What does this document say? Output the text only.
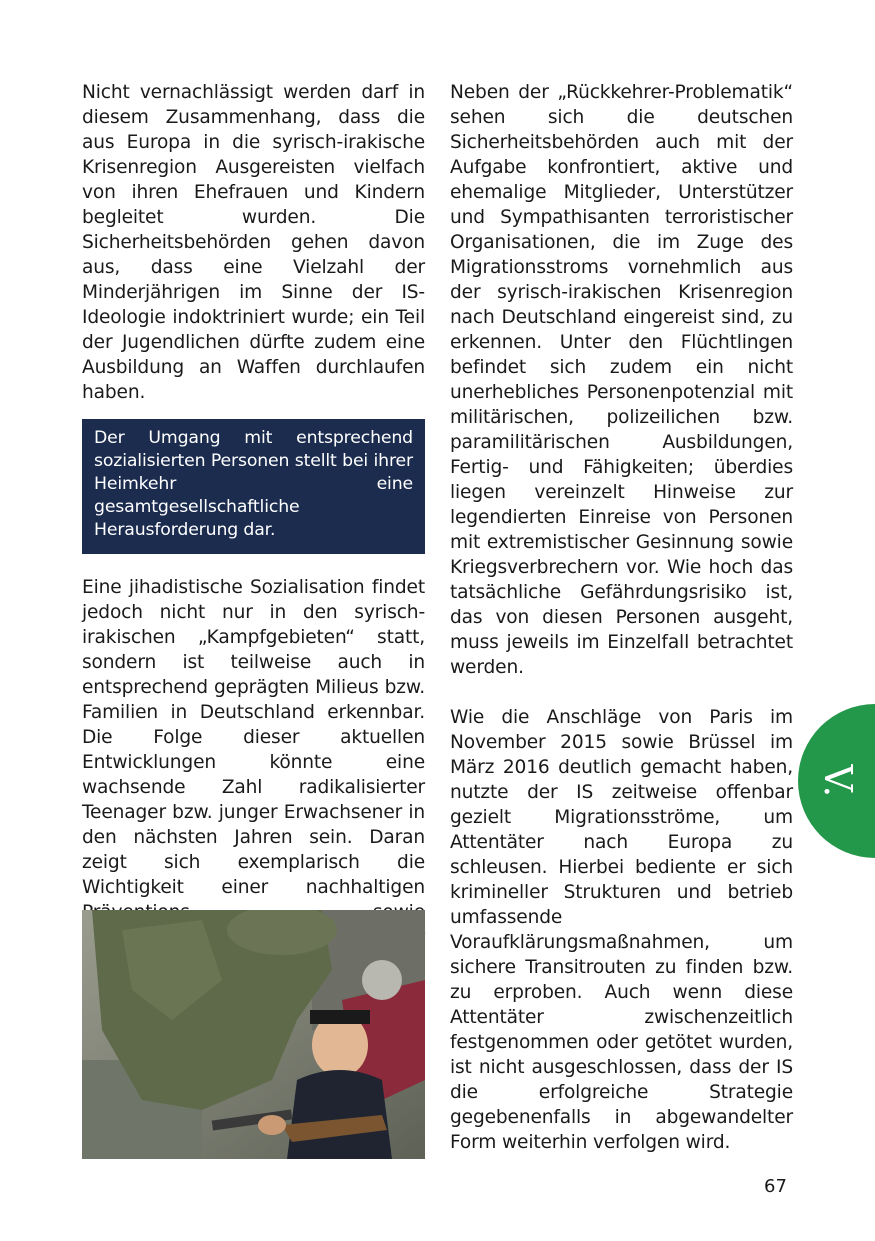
Nicht vernachlässigt werden darf in diesem Zusammenhang, dass die aus Europa in die syrisch-irakische Krisenregion Ausgereisten vielfach von ihren Ehefrauen und Kindern begleitet wurden. Die Sicherheitsbehörden gehen davon aus, dass eine Vielzahl der Minderjährigen im Sinne der IS-Ideologie indoktriniert wurde; ein Teil der Jugendlichen dürfte zudem eine Ausbildung an Waffen durchlaufen haben.

Der Umgang mit entsprechend sozialisierten Personen stellt bei ihrer Heimkehr eine gesamtgesellschaftliche Herausforderung dar.

Eine jihadistische Sozialisation findet jedoch nicht nur in den syrisch-irakischen „Kampfgebieten“ statt, sondern ist teilweise auch in entsprechend geprägten Milieus bzw. Familien in Deutschland erkennbar. Die Folge dieser aktuellen Entwicklungen könnte eine wachsende Zahl radikalisierter Teenager bzw. junger Erwachsener in den nächsten Jahren sein. Daran zeigt sich exemplarisch die Wichtigkeit einer nachhaltigen

Neben der „Rückkehrer-Problematik“ sehen sich die deutschen Sicherheitsbehörden auch mit der Aufgabe konfrontiert, aktive und ehemalige Mitglieder, Unterstützer und Sympathisanten terroristischer Organisationen, die im Zuge des Migrationsstroms vornehmlich aus der syrisch-irakischen Krisenregion nach Deutschland eingereist sind, zu erkennen. Unter den Flüchtlingen befindet sich zudem ein nicht unerhebliches Personenpotenzial mit militärischen, polizeilichen bzw. paramilitärischen Ausbildungen, Fertig- und Fähigkeiten; überdies liegen vereinzelt Hinweise zur legendierten Einreise von Personen mit extremistischer Gesinnung sowie Kriegsverbrechern vor. Wie hoch das tatsächliche Gefährdungsrisiko ist, das von diesen Personen ausgeht, muss jeweils im Einzelfall betrachtet werden.

Wie die Anschläge von Paris im November 2015 sowie Brüssel im März 2016 deutlich gemacht haben, nutzte der IS zeitweise offenbar gezielt Migrationsströme, um Attentäter nach Europa zu schleusen. Hierbei bediente er sich krimineller Strukturen und betrieb umfassende Voraufklärungsmaßnahmen, um sichere Transitrouten zu finden bzw. zu erproben. Auch wenn diese Attentäter zwischenzeitlich festgenommen oder getötet wurden, ist nicht ausgeschlossen, dass der IS die erfolgreiche Strategie gegebenenfalls in abgewandelter Form weiterhin verfolgen wird.

V.
67
